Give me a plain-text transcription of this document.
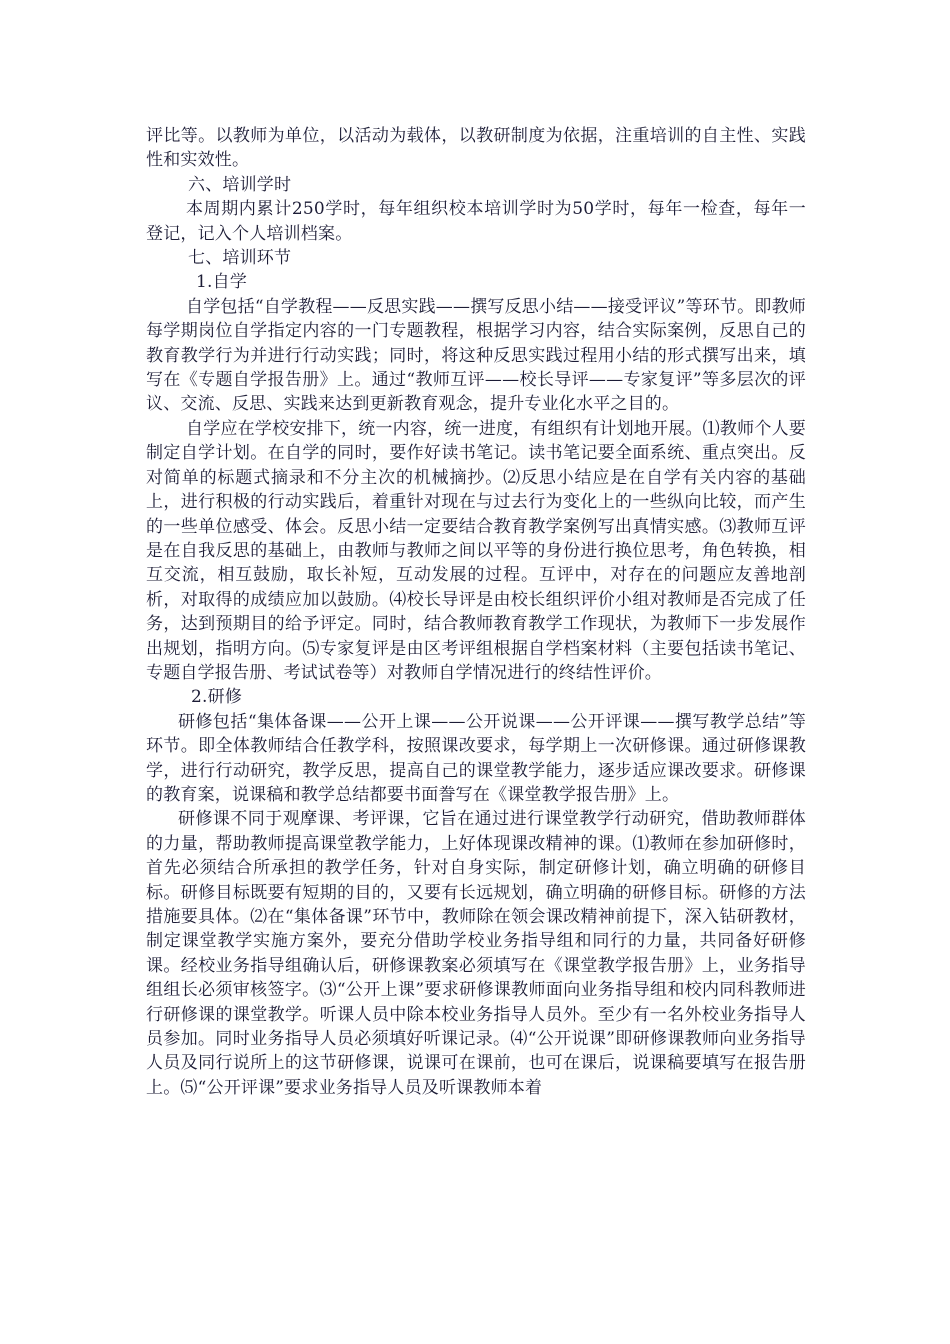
评比等。以教师为单位，以活动为载体，以教研制度为依据，注重培训的自主性、实践性和实效性。

六、培训学时

本周期内累计250学时，每年组织校本培训学时为50学时，每年一检查，每年一登记，记入个人培训档案。

七、培训环节

1.自学

自学包括“自学教程——反思实践——撰写反思小结——接受评议”等环节。即教师每学期岗位自学指定内容的一门专题教程，根据学习内容，结合实际案例，反思自己的教育教学行为并进行行动实践；同时，将这种反思实践过程用小结的形式撰写出来，填写在《专题自学报告册》上。通过“教师互评——校长导评——专家复评”等多层次的评议、交流、反思、实践来达到更新教育观念，提升专业化水平之目的。

自学应在学校安排下，统一内容，统一进度，有组织有计划地开展。⑴教师个人要制定自学计划。在自学的同时，要作好读书笔记。读书笔记要全面系统、重点突出。反对简单的标题式摘录和不分主次的机械摘抄。⑵反思小结应是在自学有关内容的基础上，进行积极的行动实践后，着重针对现在与过去行为变化上的一些纵向比较，而产生的一些单位感受、体会。反思小结一定要结合教育教学案例写出真情实感。⑶教师互评是在自我反思的基础上，由教师与教师之间以平等的身份进行换位思考，角色转换，相互交流，相互鼓励，取长补短，互动发展的过程。互评中，对存在的问题应友善地剖析，对取得的成绩应加以鼓励。⑷校长导评是由校长组织评价小组对教师是否完成了任务，达到预期目的给予评定。同时，结合教师教育教学工作现状，为教师下一步发展作出规划，指明方向。⑸专家复评是由区考评组根据自学档案材料（主要包括读书笔记、专题自学报告册、考试试卷等）对教师自学情况进行的终结性评价。

2.研修

研修包括“集体备课——公开上课——公开说课——公开评课——撰写教学总结”等环节。即全体教师结合任教学科，按照课改要求，每学期上一次研修课。通过研修课教学，进行行动研究，教学反思，提高自己的课堂教学能力，逐步适应课改要求。研修课的教育案，说课稿和教学总结都要书面誊写在《课堂教学报告册》上。

研修课不同于观摩课、考评课，它旨在通过进行课堂教学行动研究，借助教师群体的力量，帮助教师提高课堂教学能力，上好体现课改精神的课。⑴教师在参加研修时，首先必须结合所承担的教学任务，针对自身实际，制定研修计划，确立明确的研修目标。研修目标既要有短期的目的，又要有长远规划，确立明确的研修目标。研修的方法措施要具体。⑵在“集体备课”环节中，教师除在领会课改精神前提下，深入钻研教材，制定课堂教学实施方案外，要充分借助学校业务指导组和同行的力量，共同备好研修课。经校业务指导组确认后，研修课教案必须填写在《课堂教学报告册》上，业务指导组组长必须审核签字。⑶“公开上课”要求研修课教师面向业务指导组和校内同科教师进行研修课的课堂教学。听课人员中除本校业务指导人员外。至少有一名外校业务指导人员参加。同时业务指导人员必须填好听课记录。⑷“公开说课”即研修课教师向业务指导人员及同行说所上的这节研修课，说课可在课前，也可在课后，说课稿要填写在报告册上。⑸“公开评课”要求业务指导人员及听课教师本着
